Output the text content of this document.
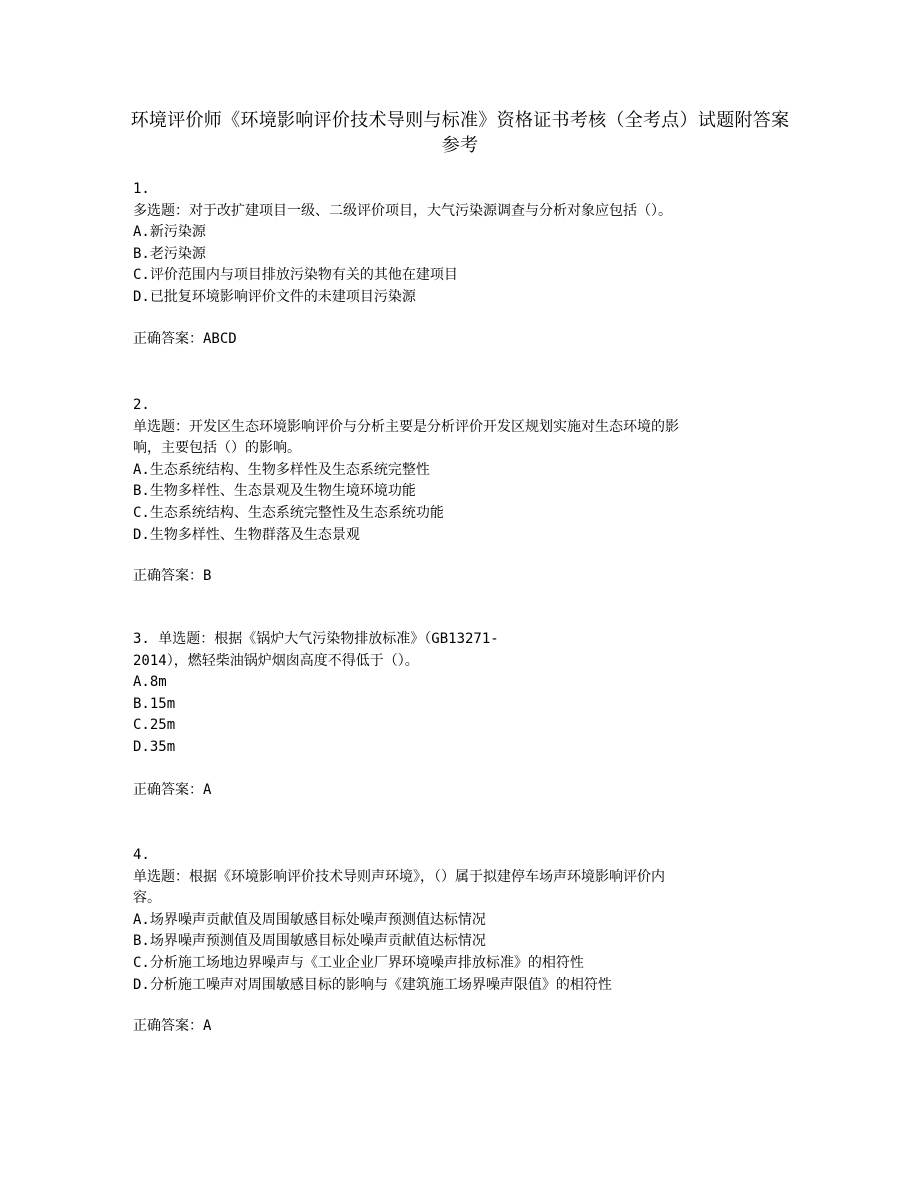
环境评价师《环境影响评价技术导则与标准》资格证书考核（全考点）试题附答案
参考
1.
多选题：对于改扩建项目一级、二级评价项目，大气污染源调查与分析对象应包括（）。
A.新污染源
B.老污染源
C.评价范围内与项目排放污染物有关的其他在建项目
D.已批复环境影响评价文件的未建项目污染源
正确答案：ABCD
2.
单选题：开发区生态环境影响评价与分析主要是分析评价开发区规划实施对生态环境的影
响，主要包括（）的影响。
A.生态系统结构、生物多样性及生态系统完整性
B.生物多样性、生态景观及生物生境环境功能
C.生态系统结构、生态系统完整性及生态系统功能
D.生物多样性、生物群落及生态景观
正确答案：B
3. 单选题：根据《锅炉大气污染物排放标准》（GB13271-
2014），燃轻柴油锅炉烟囱高度不得低于（）。
A.8m
B.15m
C.25m
D.35m
正确答案：A
4.
单选题：根据《环境影响评价技术导则声环境》，（）属于拟建停车场声环境影响评价内
容。
A.场界噪声贡献值及周围敏感目标处噪声预测值达标情况
B.场界噪声预测值及周围敏感目标处噪声贡献值达标情况
C.分析施工场地边界噪声与《工业企业厂界环境噪声排放标准》的相符性
D.分析施工噪声对周围敏感目标的影响与《建筑施工场界噪声限值》的相符性
正确答案：A
